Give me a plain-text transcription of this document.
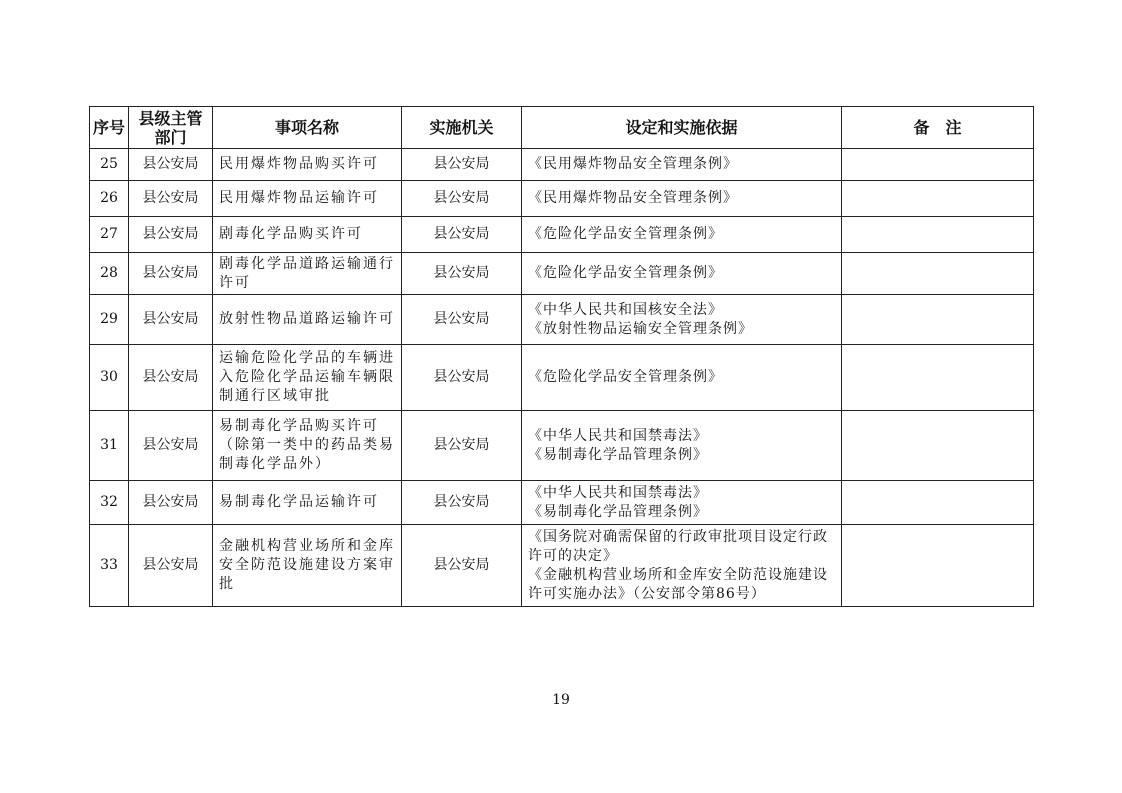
序号	县级主管部门	事项名称	实施机关	设定和实施依据	备　注
25	县公安局	民用爆炸物品购买许可	县公安局	《民用爆炸物品安全管理条例》	

26	县公安局	民用爆炸物品运输许可	县公安局	《民用爆炸物品安全管理条例》	

27	县公安局	剧毒化学品购买许可	县公安局	《危险化学品安全管理条例》	

28	县公安局	剧毒化学品道路运输通行许可	县公安局	《危险化学品安全管理条例》	

29	县公安局	放射性物品道路运输许可	县公安局	《中华人民共和国核安全法》
《放射性物品运输安全管理条例》	

30	县公安局	运输危险化学品的车辆进入危险化学品运输车辆限制通行区域审批	县公安局	《危险化学品安全管理条例》	

31	县公安局	易制毒化学品购买许可（除第一类中的药品类易制毒化学品外）	县公安局	《中华人民共和国禁毒法》
《易制毒化学品管理条例》	

32	县公安局	易制毒化学品运输许可	县公安局	《中华人民共和国禁毒法》
《易制毒化学品管理条例》	

33	县公安局	金融机构营业场所和金库安全防范设施建设方案审批	县公安局	《国务院对确需保留的行政审批项目设定行政许可的决定》
《金融机构营业场所和金库安全防范设施建设许可实施办法》（公安部令第86号）	

19
